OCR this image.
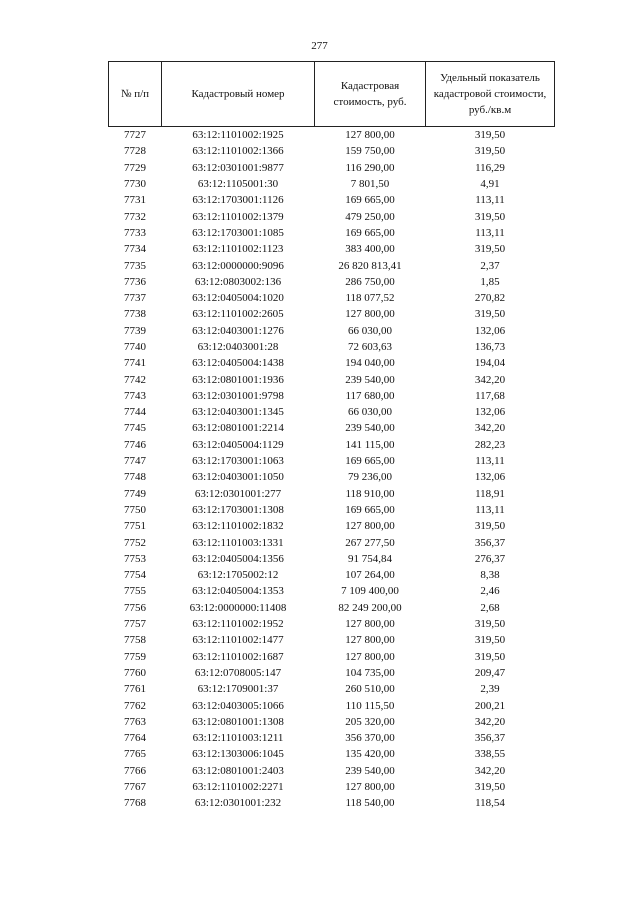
277
№ п/п	Кадастровый номер	Кадастровая стоимость, руб.	Удельный показатель кадастровой стоимости, руб./кв.м
7727	63:12:1101002:1925	127 800,00	319,50
7728	63:12:1101002:1366	159 750,00	319,50
7729	63:12:0301001:9877	116 290,00	116,29
7730	63:12:1105001:30	7 801,50	4,91
7731	63:12:1703001:1126	169 665,00	113,11
7732	63:12:1101002:1379	479 250,00	319,50
7733	63:12:1703001:1085	169 665,00	113,11
7734	63:12:1101002:1123	383 400,00	319,50
7735	63:12:0000000:9096	26 820 813,41	2,37
7736	63:12:0803002:136	286 750,00	1,85
7737	63:12:0405004:1020	118 077,52	270,82
7738	63:12:1101002:2605	127 800,00	319,50
7739	63:12:0403001:1276	66 030,00	132,06
7740	63:12:0403001:28	72 603,63	136,73
7741	63:12:0405004:1438	194 040,00	194,04
7742	63:12:0801001:1936	239 540,00	342,20
7743	63:12:0301001:9798	117 680,00	117,68
7744	63:12:0403001:1345	66 030,00	132,06
7745	63:12:0801001:2214	239 540,00	342,20
7746	63:12:0405004:1129	141 115,00	282,23
7747	63:12:1703001:1063	169 665,00	113,11
7748	63:12:0403001:1050	79 236,00	132,06
7749	63:12:0301001:277	118 910,00	118,91
7750	63:12:1703001:1308	169 665,00	113,11
7751	63:12:1101002:1832	127 800,00	319,50
7752	63:12:1101003:1331	267 277,50	356,37
7753	63:12:0405004:1356	91 754,84	276,37
7754	63:12:1705002:12	107 264,00	8,38
7755	63:12:0405004:1353	7 109 400,00	2,46
7756	63:12:0000000:11408	82 249 200,00	2,68
7757	63:12:1101002:1952	127 800,00	319,50
7758	63:12:1101002:1477	127 800,00	319,50
7759	63:12:1101002:1687	127 800,00	319,50
7760	63:12:0708005:147	104 735,00	209,47
7761	63:12:1709001:37	260 510,00	2,39
7762	63:12:0403005:1066	110 115,50	200,21
7763	63:12:0801001:1308	205 320,00	342,20
7764	63:12:1101003:1211	356 370,00	356,37
7765	63:12:1303006:1045	135 420,00	338,55
7766	63:12:0801001:2403	239 540,00	342,20
7767	63:12:1101002:2271	127 800,00	319,50
7768	63:12:0301001:232	118 540,00	118,54
